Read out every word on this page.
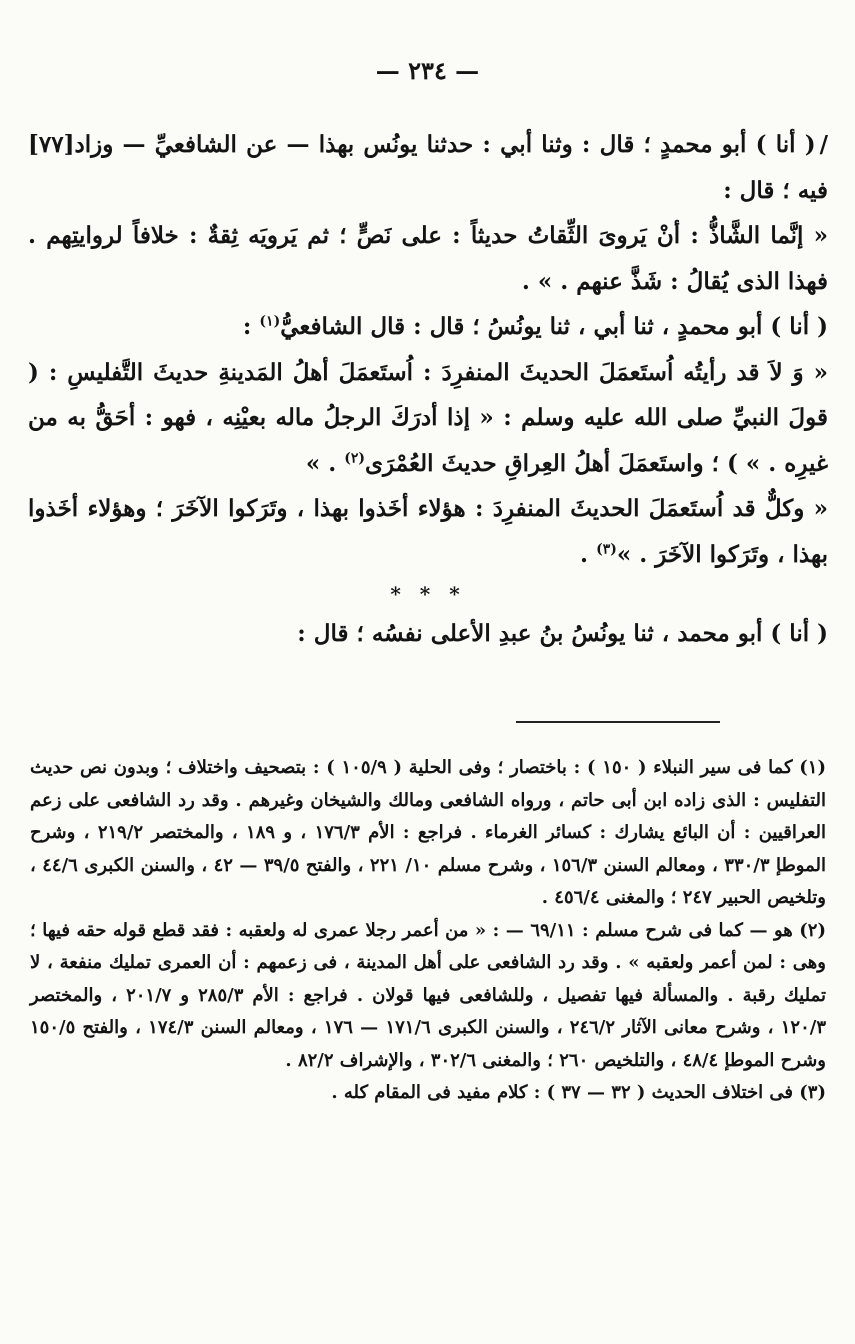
— ٢٣٤ —

[٧٧]	/( أنا ) أبو محمدٍ ؛ قال : وثنا أبي : حدثنا يونُس بهذا — عن الشافعيِّ — وزاد فيه ؛ قال :

« إنَّما الشَّاذُّ : أنْ يَروىَ الثِّقاتُ حديثاً : على نَصٍّ ؛ ثم يَرويَه ثِقةٌ : خلافاً لروايتِهم . فهذا الذى يُقالُ : شَذَّ عنهم . » .

( أنا ) أبو محمدٍ ، ثنا أبي ، ثنا يونُسُ ؛ قال : قال الشافعيُّ$^{(١)}$ :

« وَ لاَ قد رأيتُه اُستَعمَلَ الحديثَ المنفرِدَ : اُستَعمَلَ أهلُ المَدينةِ حديثَ التَّفليسِ : ( قولَ النبيِّ صلى الله عليه وسلم : « إذا أدرَكَ الرجلُ ماله بعيْنِه ، فهو : أحَقُّ به من غيرِه . » ) ؛ واستَعمَلَ أهلُ العِراقِ حديثَ العُمْرَى$^{(٢)}$ . »

« وكلٌّ قد اُستَعمَلَ الحديثَ المنفرِدَ : هؤلاء أخَذوا بهذا ، وتَرَكوا الآخَرَ ؛ وهؤلاء أخَذوا بهذا ، وتَرَكوا الآخَرَ . »$^{(٣)}$ .

* * *

( أنا ) أبو محمد ، ثنا يونُسُ بنُ عبدِ الأعلى نفسُه ؛ قال :

(١) كما فى سير النبلاء ( ١٥٠ ) : باختصار ؛ وفى الحلية ( ١٠٥/٩ ) : بتصحيف واختلاف ؛ وبدون نص حديث التفليس : الذى زاده ابن أبى حاتم ، ورواه الشافعى ومالك والشيخان وغيرهم . وقد رد الشافعى على زعم العراقيين : أن البائع يشارك : كسائر الغرماء . فراجع : الأم ١٧٦/٣ ، و ١٨٩ ، والمختصر ٢١٩/٢ ، وشرح الموطإ ٣٣٠/٣ ، ومعالم السنن ١٥٦/٣ ، وشرح مسلم ١٠/ ٢٢١ ، والفتح ٣٩/٥ — ٤٢ ، والسنن الكبرى ٤٤/٦ ، وتلخيص الحبير ٢٤٧ ؛ والمغنى ٤٥٦/٤ .

(٢) هو — كما فى شرح مسلم : ٦٩/١١ — : « من أعمر رجلا عمرى له ولعقبه : فقد قطع قوله حقه فيها ؛ وهى : لمن أعمر ولعقبه » . وقد رد الشافعى على أهل المدينة ، فى زعمهم : أن العمرى تمليك منفعة ، لا تمليك رقبة . والمسألة فيها تفصيل ، وللشافعى فيها قولان . فراجع : الأم ٢٨٥/٣ و ٢٠١/٧ ، والمختصر ١٢٠/٣ ، وشرح معانى الآثار ٢٤٦/٢ ، والسنن الكبرى ١٧١/٦ — ١٧٦ ، ومعالم السنن ١٧٤/٣ ، والفتح ١٥٠/٥ وشرح الموطإ ٤٨/٤ ، والتلخيص ٢٦٠ ؛ والمغنى ٣٠٢/٦ ، والإشراف ٨٢/٢ .

(٣) فى اختلاف الحديث ( ٣٢ — ٣٧ ) : كلام مفيد فى المقام كله .
